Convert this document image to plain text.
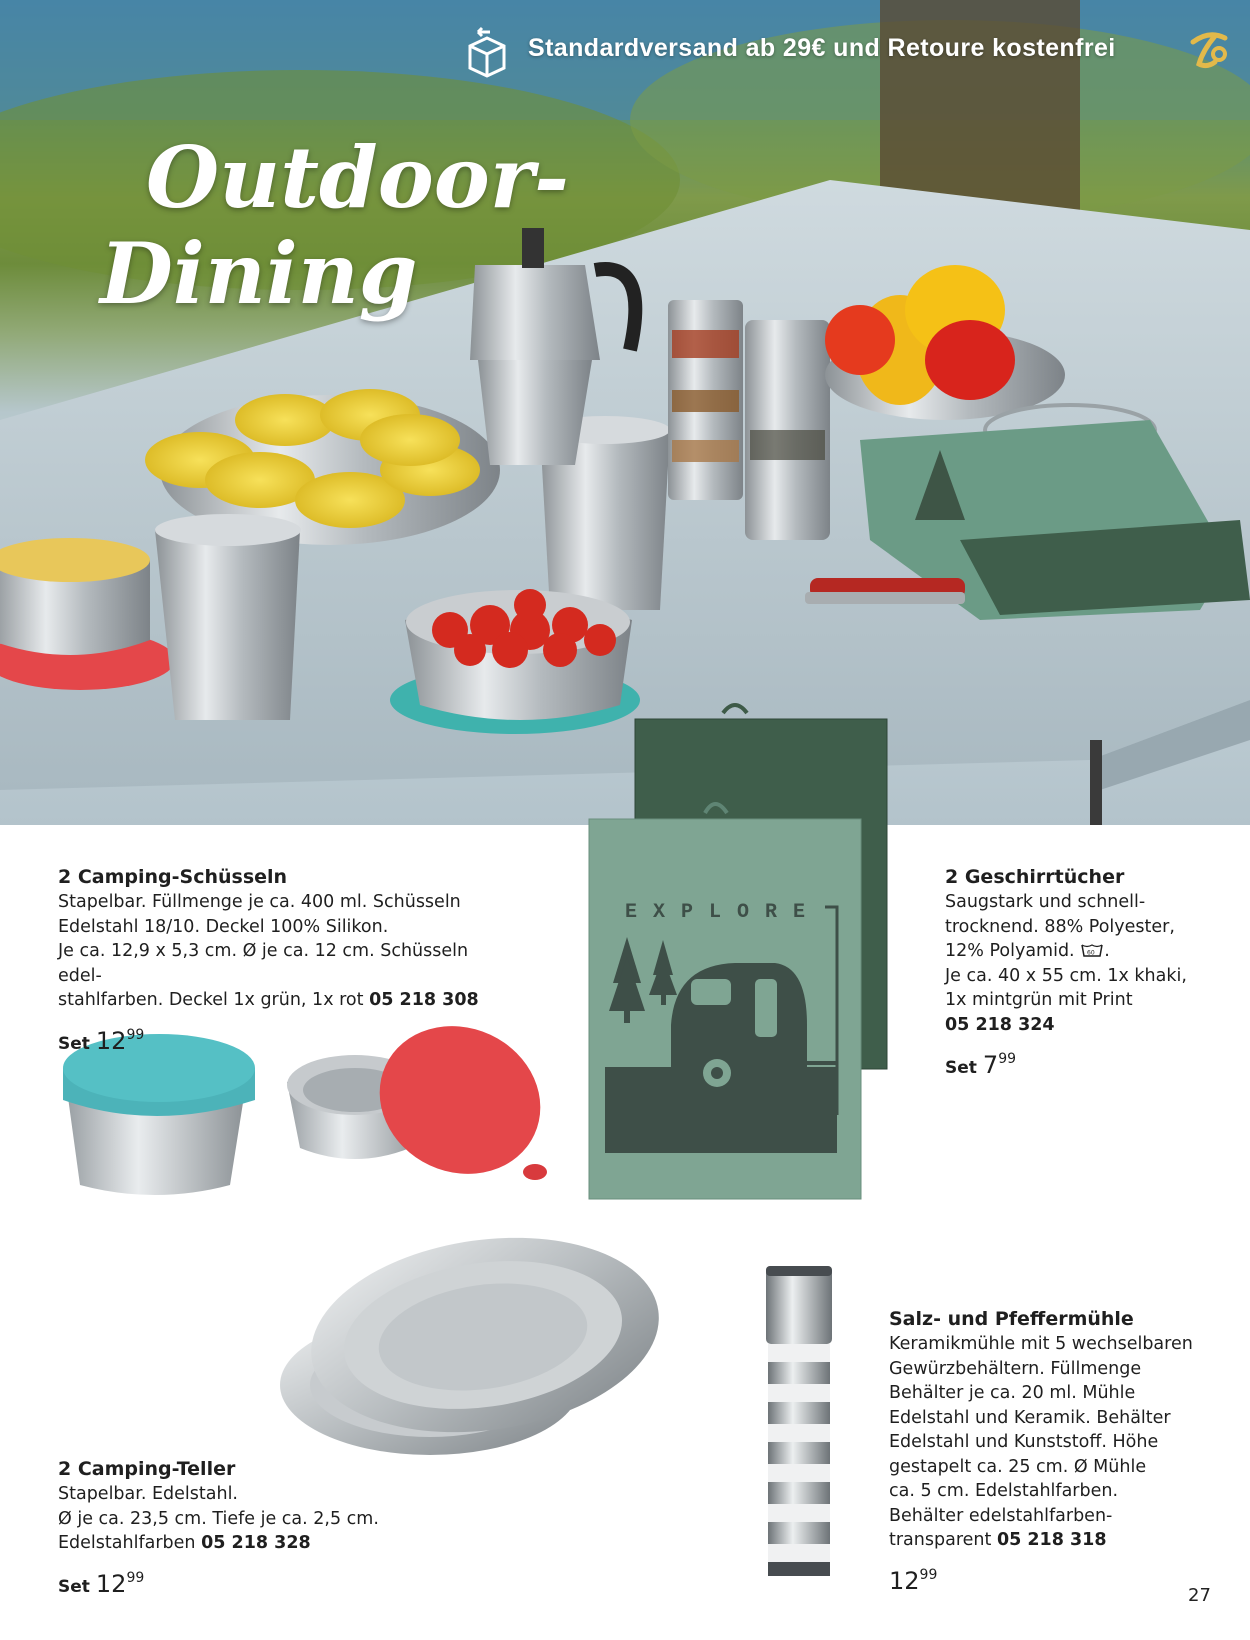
Standardversand ab 29€ und Retoure kostenfrei
Outdoor-
Dining
EXPLORE
2 Camping-Schüsseln

Stapelbar. Füllmenge je ca. 400 ml. Schüsseln

Edelstahl 18/10. Deckel 100% Silikon.

Je ca. 12,9 x 5,3 cm. Ø je ca. 12 cm. Schüsseln edel-

stahlfarben. Deckel 1x grün, 1x rot 05 218 308

Set $12^{99}$
2 Geschirrtücher

Saugstark und schnell-

trocknend. 88% Polyester,

12% Polyamid. 60 .

Je ca. 40 x 55 cm. 1x khaki,

1x mintgrün mit Print

05 218 324

Set $7^{99}$
2 Camping-Teller

Stapelbar. Edelstahl.

Ø je ca. 23,5 cm. Tiefe je ca. 2,5 cm.

Edelstahlfarben 05 218 328

Set $12^{99}$
Salz- und Pfeffermühle

Keramikmühle mit 5 wechselbaren

Gewürzbehältern. Füllmenge

Behälter je ca. 20 ml. Mühle

Edelstahl und Keramik. Behälter

Edelstahl und Kunststoff. Höhe

gestapelt ca. 25 cm. Ø Mühle

ca. 5 cm. Edelstahlfarben.

Behälter edelstahlfarben-

transparent 05 218 318

$12^{99}$
27
